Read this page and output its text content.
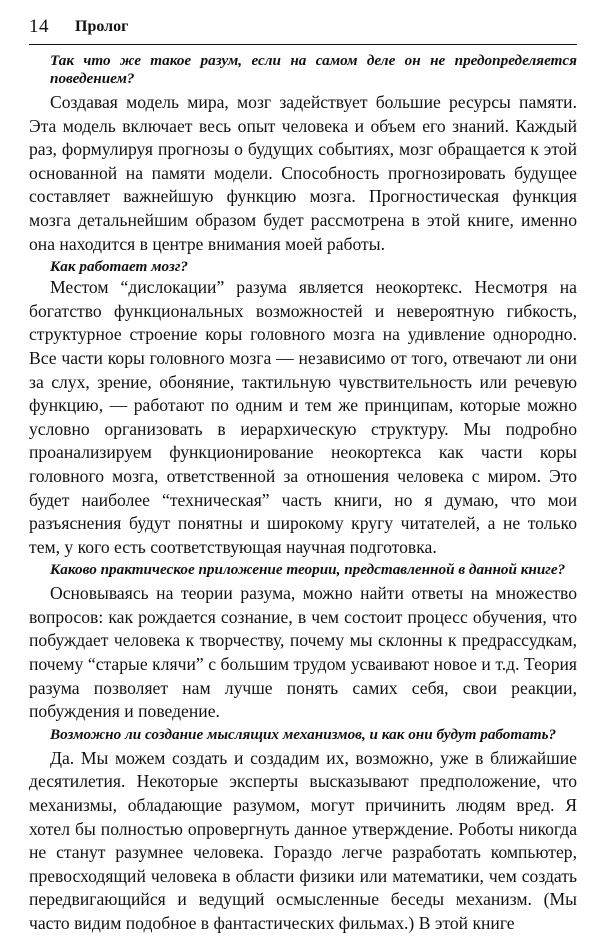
14 Пролог

Так что же такое разум, если на самом деле он не предопределяется поведением?

Создавая модель мира, мозг задействует большие ресурсы памяти. Эта модель включает весь опыт человека и объем его знаний. Каждый раз, формулируя прогнозы о будущих событиях, мозг обращается к этой основанной на памяти модели. Способность прогнозировать будущее составляет важнейшую функцию мозга. Прогностическая функция мозга детальнейшим образом будет рассмотрена в этой книге, именно она находится в центре внимания моей работы.

Как работает мозг?

Местом “дислокации” разума является неокортекс. Несмотря на богатство функциональных возможностей и невероятную гибкость, структурное строение коры головного мозга на удивление однородно. Все части коры головного мозга — независимо от того, отвечают ли они за слух, зрение, обоняние, тактильную чувствительность или речевую функцию, — работают по одним и тем же принципам, которые можно условно организовать в иерархическую структуру. Мы подробно проанализируем функционирование неокортекса как части коры головного мозга, ответственной за отношения человека с миром. Это будет наиболее “техническая” часть книги, но я думаю, что мои разъяснения будут понятны и широкому кругу читателей, а не только тем, у кого есть соответствующая научная подготовка.

Каково практическое приложение теории, представленной в данной книге?

Основываясь на теории разума, можно найти ответы на множество вопросов: как рождается сознание, в чем состоит процесс обучения, что побуждает человека к творчеству, почему мы склонны к предрассудкам, почему “старые клячи” с большим трудом усваивают новое и т.д. Теория разума позволяет нам лучше понять самих себя, свои реакции, побуждения и поведение.

Возможно ли создание мыслящих механизмов, и как они будут работать?

Да. Мы можем создать и создадим их, возможно, уже в ближайшие десятилетия. Некоторые эксперты высказывают предположение, что механизмы, обладающие разумом, могут причинить людям вред. Я хотел бы полностью опровергнуть данное утверждение. Роботы никогда не станут разумнее человека. Гораздо легче разработать компьютер, превосходящий человека в области физики или математики, чем создать передвигающийся и ведущий осмысленные беседы механизм. (Мы часто видим подобное в фантастических фильмах.) В этой книге
